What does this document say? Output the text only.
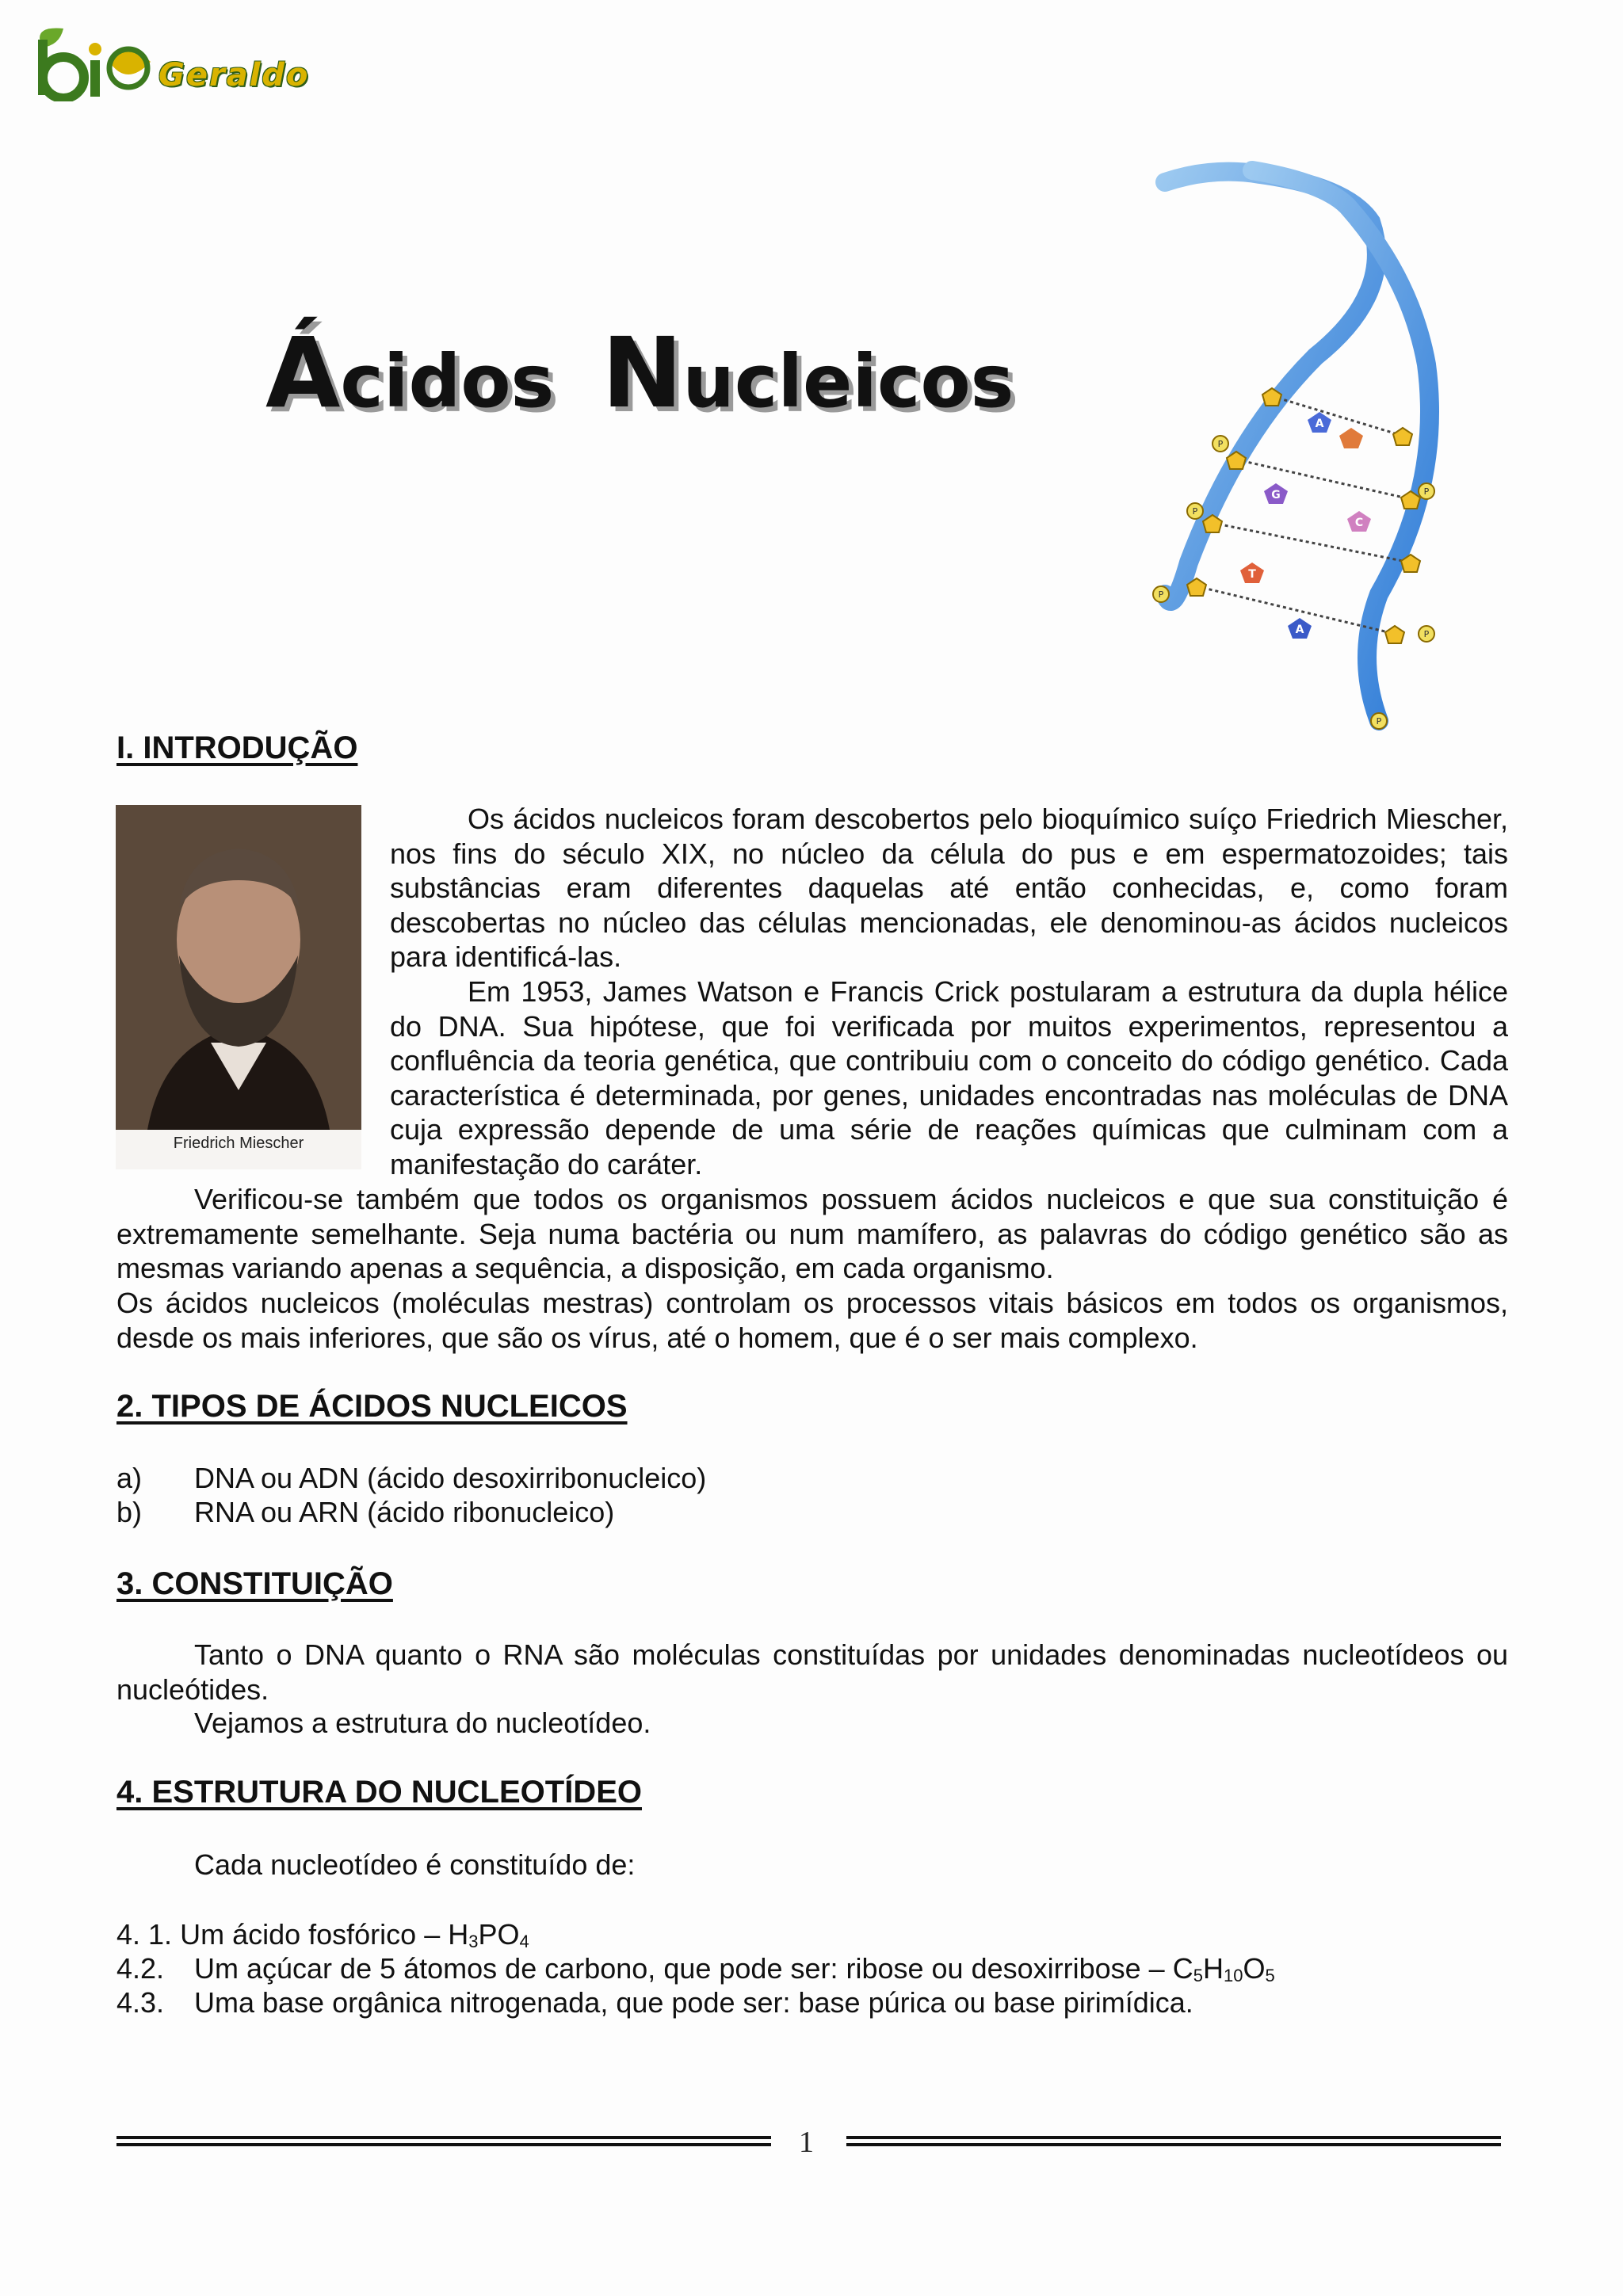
Geraldo
Ácidos Nucleicos	A
G
C
T
A
P
P
P
P
P
P
I. INTRODUÇÃO
Friedrich Miescher
Os ácidos nucleicos foram descobertos pelo bioquímico suíço Friedrich Miescher, nos fins do século XIX, no núcleo da célula do pus e em espermatozoides; tais substâncias eram diferentes daquelas até então conhecidas, e, como foram descobertas no núcleo das células mencionadas, ele denominou-as ácidos nucleicos para identificá-las.
Em 1953, James Watson e Francis Crick postularam a estrutura da dupla hélice do DNA. Sua hipótese, que foi verificada por muitos experimentos, representou a confluência da teoria genética, que contribuiu com o conceito do código genético. Cada característica é determinada, por genes, unidades encontradas nas moléculas de DNA cuja expressão depende de uma série de reações químicas que culminam com a manifestação do caráter.
Verificou-se também que todos os organismos possuem ácidos nucleicos e que sua constituição é extremamente semelhante. Seja numa bactéria ou num mamífero, as palavras do código genético são as mesmas variando apenas a sequência, a disposição, em cada organismo.
Os ácidos nucleicos (moléculas mestras) controlam os processos vitais básicos em todos os organismos, desde os mais inferiores, que são os vírus, até o homem, que é o ser mais complexo.
2. TIPOS DE ÁCIDOS NUCLEICOS
a) DNA ou ADN (ácido desoxirribonucleico)
b) RNA ou ARN (ácido ribonucleico)
3. CONSTITUIÇÃO
Tanto o DNA quanto o RNA são moléculas constituídas por unidades denominadas nucleotídeos ou nucleótides.
Vejamos a estrutura do nucleotídeo.
4. ESTRUTURA DO NUCLEOTÍDEO
Cada nucleotídeo é constituído de:
4. 1. Um ácido fosfórico – $H_3PO_4$
4.2. Um açúcar de 5 átomos de carbono, que pode ser: ribose ou desoxirribose – $C_5H_{10}O_5$
4.3. Uma base orgânica nitrogenada, que pode ser: base púrica ou base pirimídica.
1
